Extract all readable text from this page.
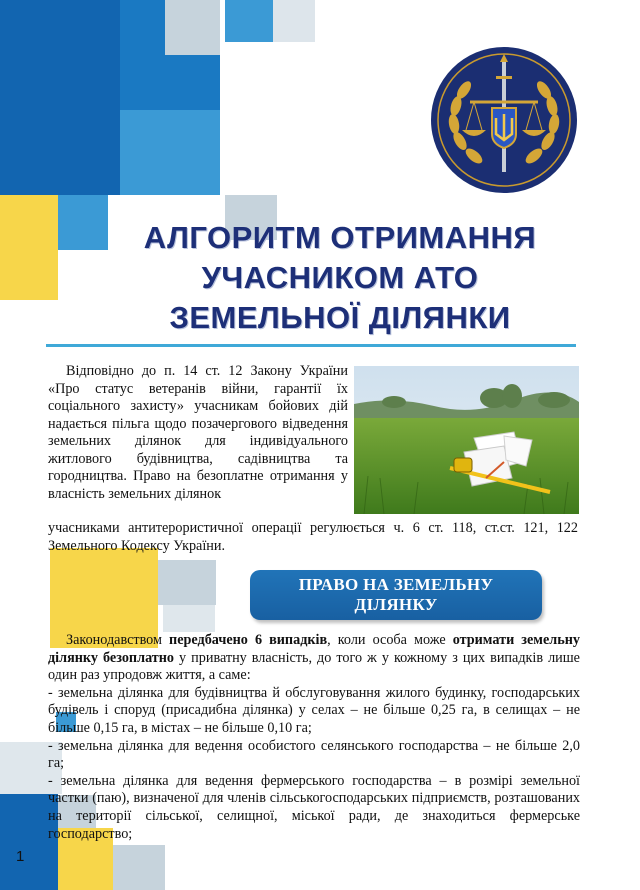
АЛГОРИТМ ОТРИМАННЯ
УЧАСНИКОМ АТО
ЗЕМЕЛЬНОЇ ДІЛЯНКИ
Відповідно до п. 14 ст. 12 Закону України «Про статус ветеранів війни, гарантії їх соціального захисту» учасникам бойових дій надається пільга щодо позачергового відведення земельних ділянок для індивідуального житлового будівництва, садівництва та городництва. Право на безоплатне отримання у власність земельних ділянок
учасниками антитерористичної операції регулюється ч. 6 ст. 118, ст.ст. 121, 122 Земельного Кодексу України.
ПРАВО НА ЗЕМЕЛЬНУ ДІЛЯНКУ

Законодавством передбачено 6 випадків, коли особа може отримати земельну ділянку безоплатно у приватну власність, до того ж у кожному з цих випадків лише один раз упродовж життя, а саме:

- земельна ділянка для будівництва й обслуговування жилого будинку, господарських будівель і споруд (присадибна ділянка) у селах – не більше 0,25 га, в селищах – не більше 0,15 га, в містах – не більше 0,10 га;

- земельна ділянка для ведення особистого селянського господарства – не більше 2,0 га;

- земельна ділянка для ведення фермерського господарства – в розмірі земельної частки (паю), визначеної для членів сільськогосподарських підприємств, розташованих на території сільської, селищної, міської ради, де знаходиться фермерське господарство;

1
